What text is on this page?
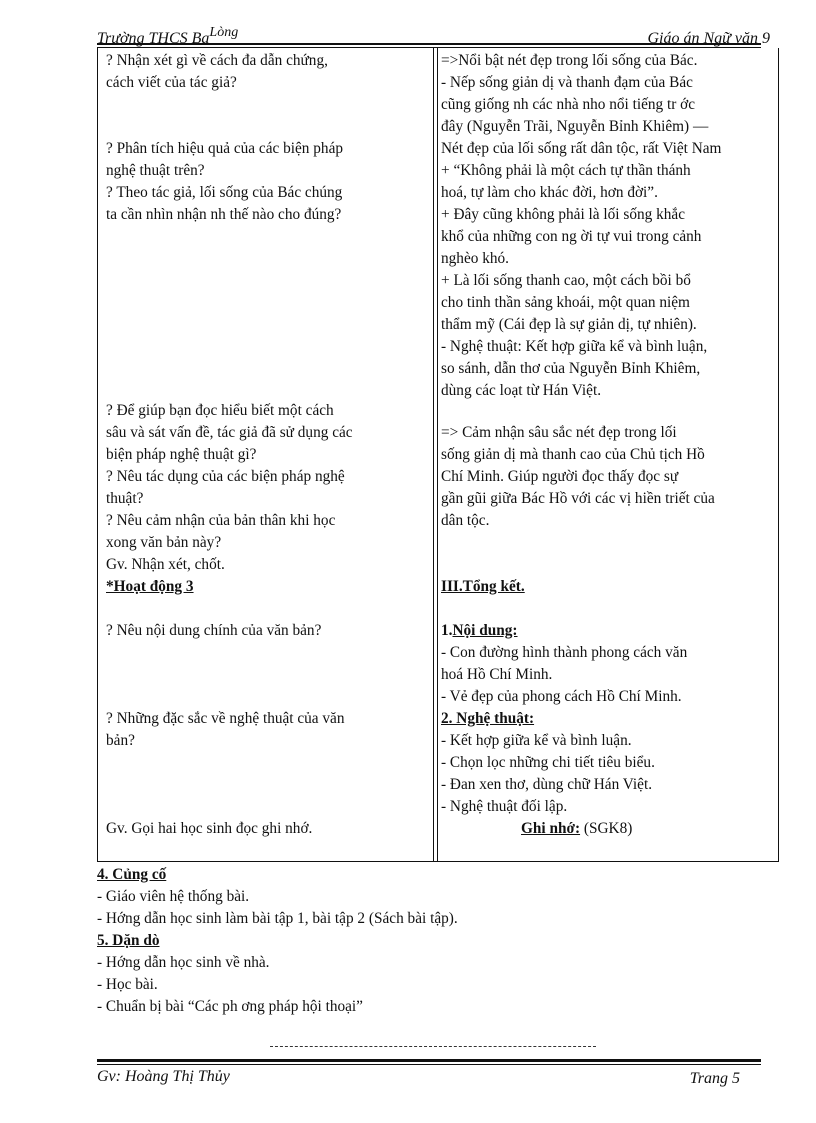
Trường THCS BaLòng	Giáo án Ngữ văn 9

? Nhận xét gì về cách đa dẫn chứng,

cách viết của tác giả?

? Phân tích hiệu quả của các biện pháp

nghệ thuật trên?

? Theo tác giả, lối sống của Bác chúng

ta cần nhìn nhận nh thế nào cho đúng?

? Để giúp bạn đọc hiểu biết một cách

sâu và sát vấn đề, tác giả đã sử dụng các

biện pháp nghệ thuật gì?

? Nêu tác dụng của các biện pháp nghệ

thuật?

? Nêu cảm nhận của bản thân khi học

xong văn bản này?

Gv. Nhận xét, chốt.

*Hoạt động 3

? Nêu nội dung chính của văn bản?

? Những đặc sắc về nghệ thuật của văn

bản?

Gv. Gọi hai học sinh đọc ghi nhớ.

=>Nổi bật nét đẹp trong lối sống của Bác.

- Nếp sống giản dị và thanh đạm của Bác

cũng giống nh các nhà nho nổi tiếng tr ớc

đây (Nguyễn Trãi, Nguyễn Bỉnh Khiêm) —

Nét đẹp của lối sống rất dân tộc, rất Việt Nam

+ “Không phải là một cách tự thần thánh

hoá, tự làm cho khác đời, hơn đời”.

+ Đây cũng không phải là lối sống khắc

khổ của những con ng ời tự vui trong cảnh

nghèo khó.

+ Là lối sống thanh cao, một cách bồi bổ

cho tinh thần sảng khoái, một quan niệm

thẩm mỹ (Cái đẹp là sự giản dị, tự nhiên).

- Nghệ thuật: Kết hợp giữa kể và bình luận,

so sánh, dẫn thơ của Nguyễn Bỉnh Khiêm,

dùng các loạt từ Hán Việt.

=> Cảm nhận sâu sắc nét đẹp trong lối

sống giản dị mà thanh cao của Chủ tịch Hồ

Chí Minh. Giúp người đọc thấy đọc sự

gần gũi giữa Bác Hồ với các vị hiền triết của

dân tộc.

III.Tổng kết.

1.Nội dung:

- Con đường hình thành phong cách văn

hoá Hồ Chí Minh.

- Vẻ đẹp của phong cách Hồ Chí Minh.

2. Nghệ thuật:

- Kết hợp giữa kể và bình luận.

- Chọn lọc những chi tiết tiêu biểu.

- Đan xen thơ, dùng chữ Hán Việt.

- Nghệ thuật đối lập.

Ghi nhớ: (SGK8)

4. Củng cố

- Giáo viên hệ thống bài.

- Hớng dẫn học sinh làm bài tập 1, bài tập 2 (Sách bài tập).

5. Dặn dò

- Hớng dẫn học sinh về nhà.

- Học bài.

- Chuẩn bị bài “Các ph ơng pháp hội thoại”

Gv: Hoàng Thị Thủy	Trang 5
